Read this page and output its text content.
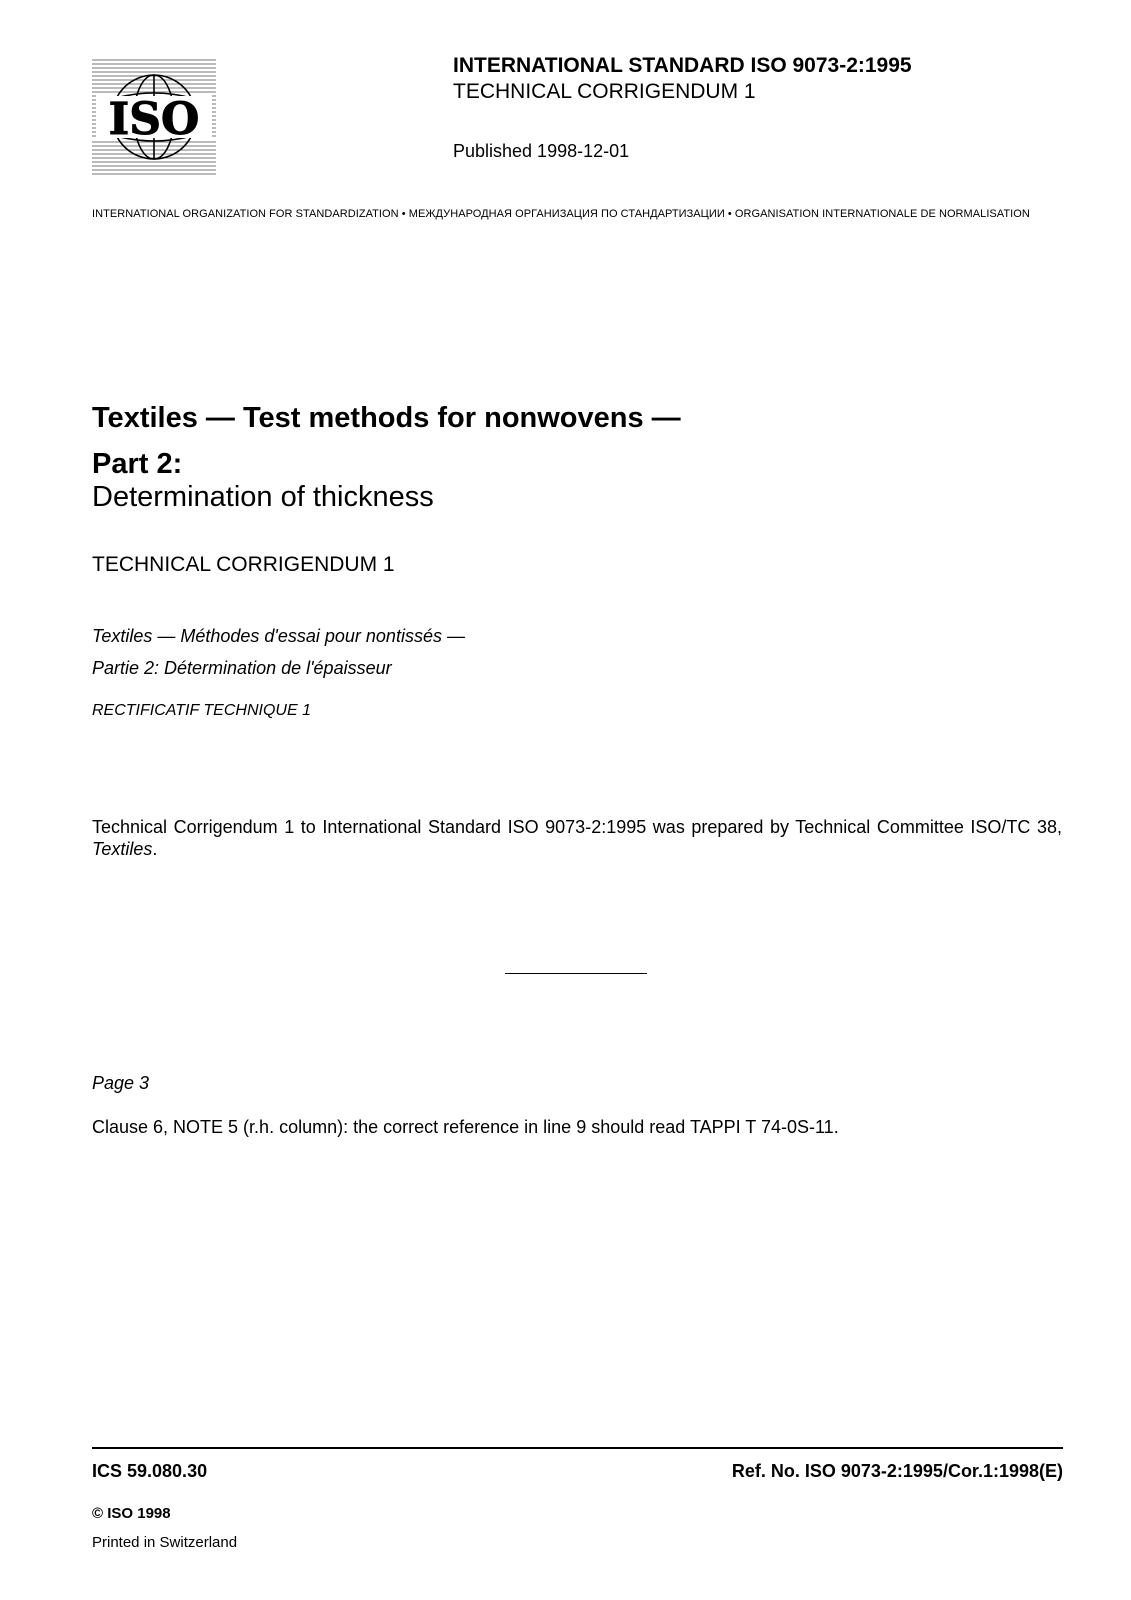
ISO
INTERNATIONAL STANDARD ISO 9073-2:1995
TECHNICAL CORRIGENDUM 1
Published 1998-12-01
INTERNATIONAL ORGANIZATION FOR STANDARDIZATION • МЕЖДУНАРОДНАЯ ОРГАНИЗАЦИЯ ПО СТАНДАРТИЗАЦИИ • ORGANISATION INTERNATIONALE DE NORMALISATION
Textiles — Test methods for nonwovens —
Part 2:
Determination of thickness
TECHNICAL CORRIGENDUM 1
Textiles — Méthodes d'essai pour nontissés —
Partie 2: Détermination de l'épaisseur
RECTIFICATIF TECHNIQUE 1
Technical Corrigendum 1 to International Standard ISO 9073-2:1995 was prepared by Technical Committee ISO/TC 38, Textiles.
Page 3
Clause 6, NOTE 5 (r.h. column): the correct reference in line 9 should read TAPPI T 74-0S-11.
ICS 59.080.30	Ref. No. ISO 9073-2:1995/Cor.1:1998(E)
© ISO 1998
Printed in Switzerland
